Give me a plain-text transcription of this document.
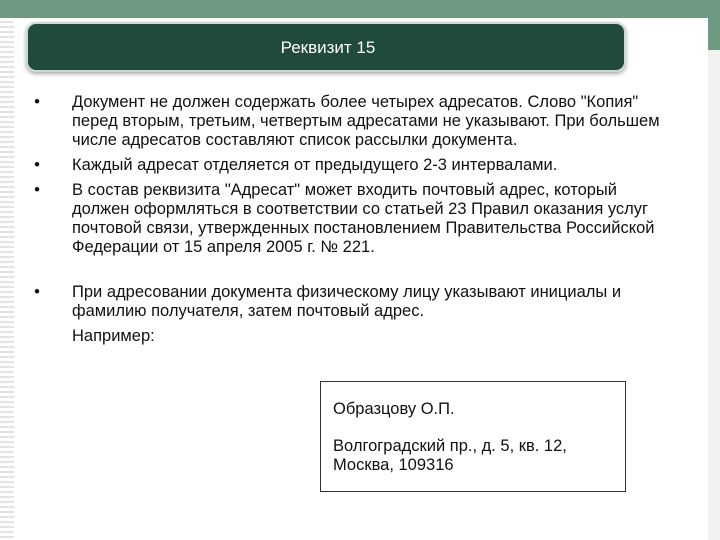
Реквизит 15
• Документ не должен содержать более четырех адресатов. Слово "Копия" перед вторым, третьим, четвертым адресатами не указывают. При большем числе адресатов составляют список рассылки документа.
• Каждый адресат отделяется от предыдущего 2-3 интервалами.
• В состав реквизита "Адресат" может входить почтовый адрес, который должен оформляться в соответствии со статьей 23 Правил оказания услуг почтовой связи, утвержденных постановлением Правительства Российской Федерации от 15 апреля 2005 г. № 221.
• При адресовании документа физическому лицу указывают инициалы и фамилию получателя, затем почтовый адрес.
Например:
Образцову О.П.
Волгоградский пр., д. 5, кв. 12,
Москва, 109316
